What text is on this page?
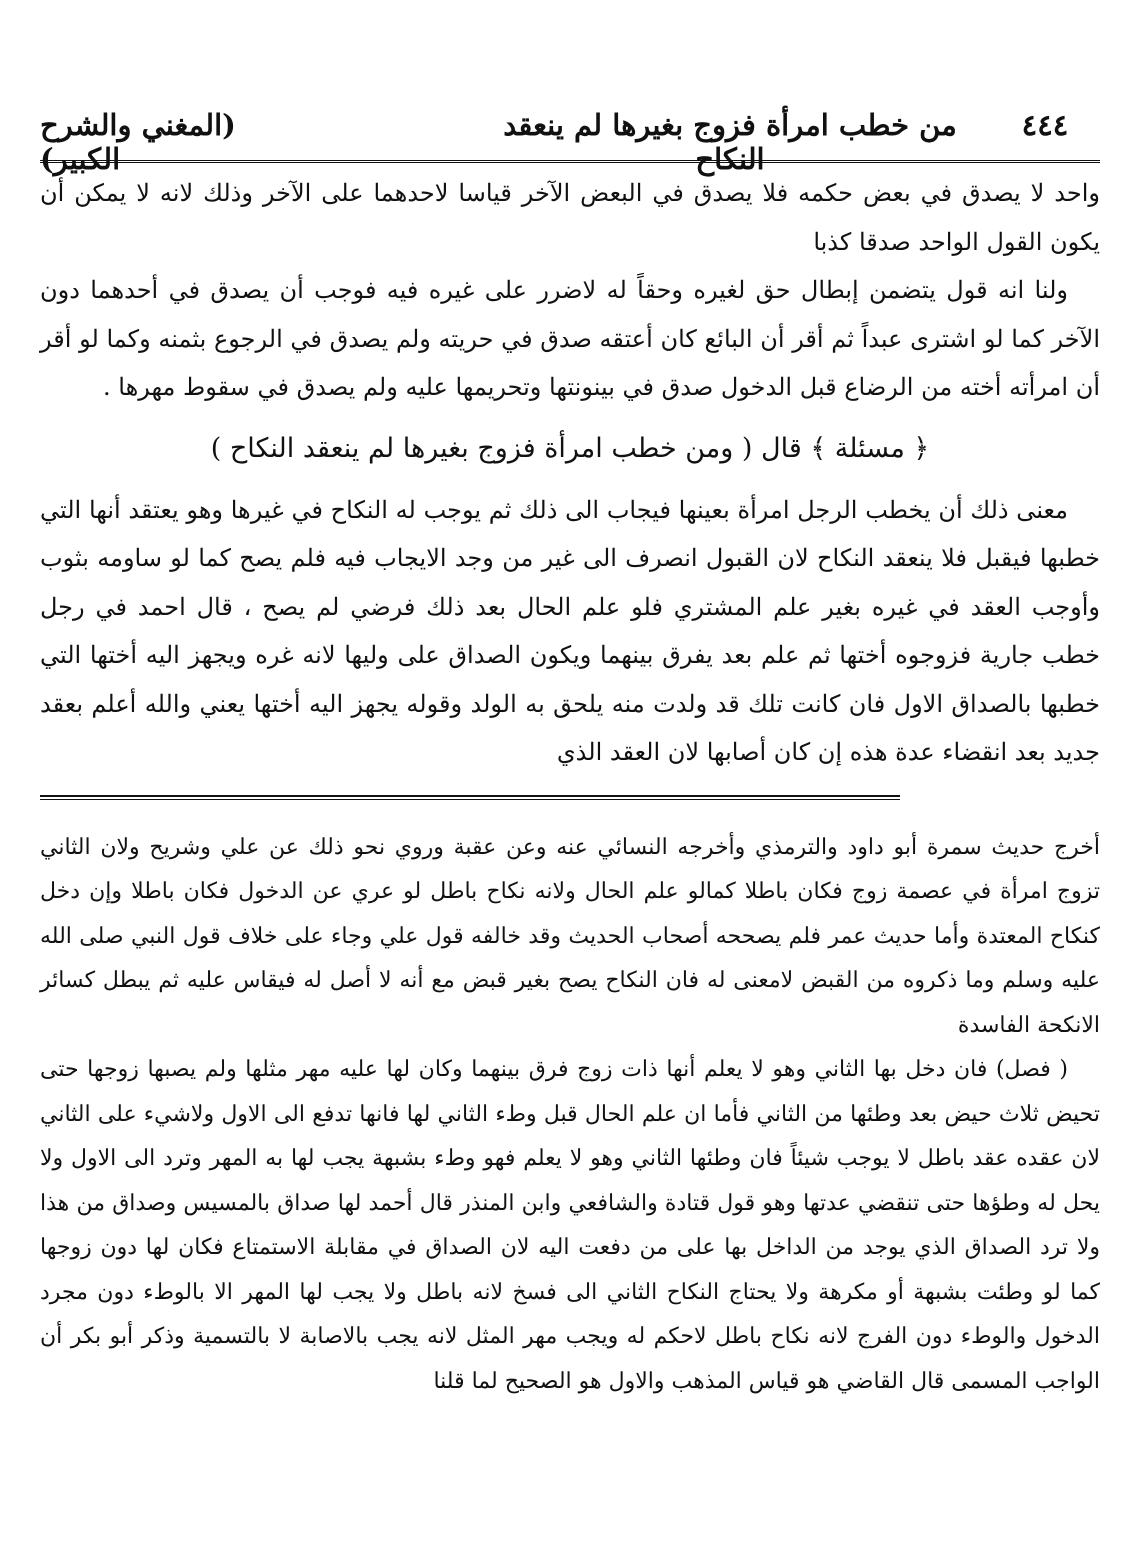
٤٤٤
من خطب امرأة فزوج بغيرها لم ينعقد النكاح
(المغني والشرح الكبير)

واحد لا يصدق في بعض حكمه فلا يصدق في البعض الآخر قياسا لاحدهما على الآخر وذلك لانه لا يمكن أن يكون القول الواحد صدقا كذبا

ولنا انه قول يتضمن إبطال حق لغيره وحقاً له لاضرر على غيره فيه فوجب أن يصدق في أحدهما دون الآخر كما لو اشترى عبداً ثم أقر أن البائع كان أعتقه صدق في حريته ولم يصدق في الرجوع بثمنه وكما لو أقر أن امرأته أخته من الرضاع قبل الدخول صدق في بينونتها وتحريمها عليه ولم يصدق في سقوط مهرها .

﴿ مسئلة ﴾ قال ( ومن خطب امرأة فزوج بغيرها لم ينعقد النكاح )

معنى ذلك أن يخطب الرجل امرأة بعينها فيجاب الى ذلك ثم يوجب له النكاح في غيرها وهو يعتقد أنها التي خطبها فيقبل فلا ينعقد النكاح لان القبول انصرف الى غير من وجد الايجاب فيه فلم يصح كما لو ساومه بثوب وأوجب العقد في غيره بغير علم المشتري فلو علم الحال بعد ذلك فرضي لم يصح ، قال احمد في رجل خطب جارية فزوجوه أختها ثم علم بعد يفرق بينهما ويكون الصداق على وليها لانه غره ويجهز اليه أختها التي خطبها بالصداق الاول فان كانت تلك قد ولدت منه يلحق به الولد وقوله يجهز اليه أختها يعني والله أعلم بعقد جديد بعد انقضاء عدة هذه إن كان أصابها لان العقد الذي

أخرج حديث سمرة أبو داود والترمذي وأخرجه النسائي عنه وعن عقبة وروي نحو ذلك عن علي وشريح ولان الثاني تزوج امرأة في عصمة زوج فكان باطلا كمالو علم الحال ولانه نكاح باطل لو عري عن الدخول فكان باطلا وإن دخل كنكاح المعتدة وأما حديث عمر فلم يصححه أصحاب الحديث وقد خالفه قول علي وجاء على خلاف قول النبي صلى الله عليه وسلم وما ذكروه من القبض لامعنى له فان النكاح يصح بغير قبض مع أنه لا أصل له فيقاس عليه ثم يبطل كسائر الانكحة الفاسدة

( فصل) فان دخل بها الثاني وهو لا يعلم أنها ذات زوج فرق بينهما وكان لها عليه مهر مثلها ولم يصبها زوجها حتى تحيض ثلاث حيض بعد وطئها من الثاني فأما ان علم الحال قبل وطء الثاني لها فانها تدفع الى الاول ولاشيء على الثاني لان عقده عقد باطل لا يوجب شيئاً فان وطئها الثاني وهو لا يعلم فهو وطء بشبهة يجب لها به المهر وترد الى الاول ولا يحل له وطؤها حتى تنقضي عدتها وهو قول قتادة والشافعي وابن المنذر قال أحمد لها صداق بالمسيس وصداق من هذا ولا ترد الصداق الذي يوجد من الداخل بها على من دفعت اليه لان الصداق في مقابلة الاستمتاع فكان لها دون زوجها كما لو وطئت بشبهة أو مكرهة ولا يحتاج النكاح الثاني الى فسخ لانه باطل ولا يجب لها المهر الا بالوطء دون مجرد الدخول والوطء دون الفرج لانه نكاح باطل لاحكم له ويجب مهر المثل لانه يجب بالاصابة لا بالتسمية وذكر أبو بكر أن الواجب المسمى قال القاضي هو قياس المذهب والاول هو الصحيح لما قلنا
